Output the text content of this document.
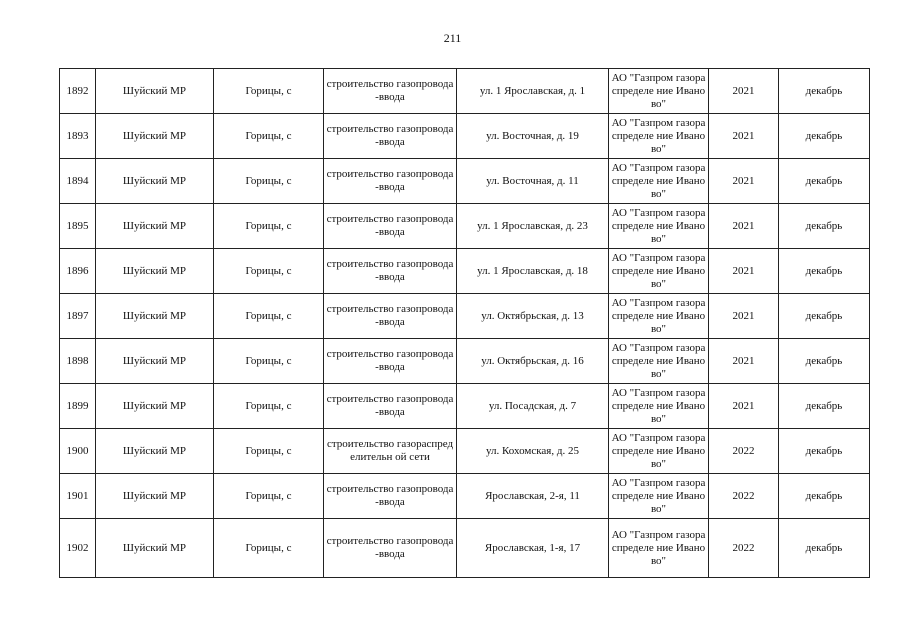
211
1892	Шуйский МР	Горицы, с	строительство газопровода-ввода	ул. 1 Ярославская, д. 1	АО "Газпром газораспределе ние Иваново"	2021	декабрь
1893	Шуйский МР	Горицы, с	строительство газопровода-ввода	ул. Восточная, д. 19	АО "Газпром газораспределе ние Иваново"	2021	декабрь
1894	Шуйский МР	Горицы, с	строительство газопровода-ввода	ул. Восточная, д. 11	АО "Газпром газораспределе ние Иваново"	2021	декабрь
1895	Шуйский МР	Горицы, с	строительство газопровода-ввода	ул. 1 Ярославская, д. 23	АО "Газпром газораспределе ние Иваново"	2021	декабрь
1896	Шуйский МР	Горицы, с	строительство газопровода-ввода	ул. 1 Ярославская, д. 18	АО "Газпром газораспределе ние Иваново"	2021	декабрь
1897	Шуйский МР	Горицы, с	строительство газопровода-ввода	ул. Октябрьская, д. 13	АО "Газпром газораспределе ние Иваново"	2021	декабрь
1898	Шуйский МР	Горицы, с	строительство газопровода-ввода	ул. Октябрьская, д. 16	АО "Газпром газораспределе ние Иваново"	2021	декабрь
1899	Шуйский МР	Горицы, с	строительство газопровода-ввода	ул. Посадская, д. 7	АО "Газпром газораспределе ние Иваново"	2021	декабрь
1900	Шуйский МР	Горицы, с	строительство газораспределительн ой сети	ул. Кохомская, д. 25	АО "Газпром газораспределе ние Иваново"	2022	декабрь
1901	Шуйский МР	Горицы, с	строительство газопровода-ввода	Ярославская, 2-я, 11	АО "Газпром газораспределе ние Иваново"	2022	декабрь
1902	Шуйский МР	Горицы, с	строительство газопровода-ввода	Ярославская, 1-я, 17	АО "Газпром газораспределе ние Иваново"	2022	декабрь
